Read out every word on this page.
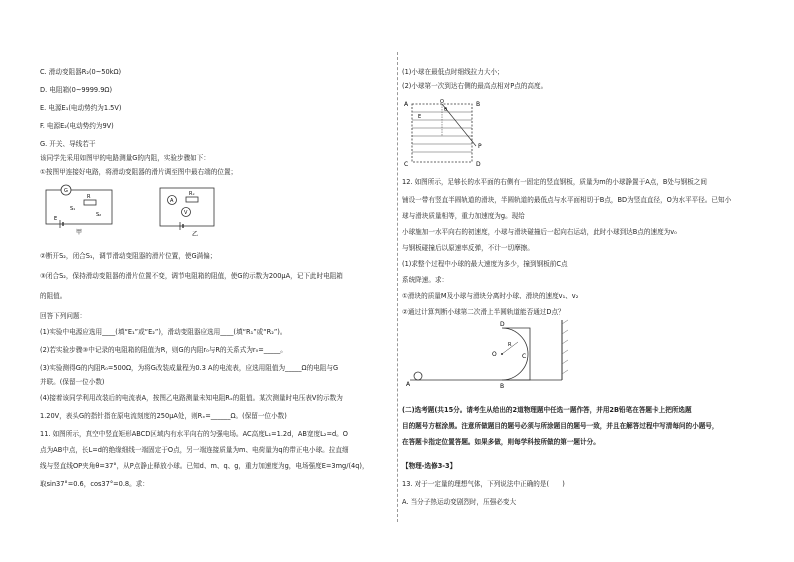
C. 滑动变阻器R₂(0~50kΩ)
D. 电阻箱(0~9999.9Ω)
E. 电源E₁(电动势约为1.5V)
F. 电源E₂(电动势约为9V)
G. 开关、导线若干
该同学先采用如图甲的电路测量G的内阻，实验步骤如下：
①按图甲连接好电路，将滑动变阻器的滑片调至图中最右端的位置；
G
R
S₁
S₂
E
甲
A
Rₓ
V
乙
②断开S₂，闭合S₁，调节滑动变阻器的滑片位置，使G满偏；
③闭合S₂，保持滑动变阻器的滑片位置不变，调节电阻箱的阻值，使G的示数为200μA，记下此时电阻箱
的阻值。
回答下列问题：
(1)实验中电源应选用____(填“E₁”或“E₂”)，滑动变阻器应选用____(填“R₁”或“R₂”)。
(2)若实验步骤③中记录的电阻箱的阻值为R，则G的内阻r₀与R的关系式为r₀=_____。
(3)实验测得G的内阻R₀=500Ω，为将G改装成量程为0.3 A的电流表，应选用阻值为_____Ω的电阻与G
并联。(保留一位小数)
(4)接着该同学利用改装后的电流表A，按图乙电路测量未知电阻Rₓ的阻值。某次测量时电压表V的示数为
1.20V，表头G的指针指在原电流刻度的250μA处，则Rₓ=______Ω。(保留一位小数)
11. 如图所示，真空中竖直矩形ABCD区域内有水平向右的匀强电场。AC高度L₁=1.2d，AB宽度L₂=d。O
点为AB中点，长L=d的绝缘细线一端固定于O点，另一端连接质量为m、电荷量为q的带正电小球。拉直细
线与竖直线OP夹角θ=37°，从P点静止释放小球。已知d、m、q、g，重力加速度为g，电场强度E=3mg/(4q)，
取sin37°=0.6，cos37°=0.8。求：
(1)小球在最低点时细线拉力大小；
(2)小球第一次到达右侧的最高点相对P点的高度。
A	B
C	D
O
P
E
θ
12. 如图所示，足够长的水平面的右侧有一固定的竖直钢板，质量为m的小球静置于A点，B处与钢板之间
铺设一带有竖直半圆轨道的滑块，半圆轨道的最低点与水平面相切于B点，BD为竖直直径，O为水平平径。已知小
球与滑块质量相等，重力加速度为g。现给
小球施加一水平向右的初速度，小球与滑块碰撞后一起向右运动，此时小球到达B点的速度为v₀
与钢板碰撞后以原速率反弹，不计一切摩擦。
(1)求整个过程中小球的最大速度为多少，撞到钢板前C点
系统降速。求：
①滑块的质量M及小球与滑块分离时小球、滑块的速度v₁、v₂
②通过计算判断小球第二次滑上半圆轨道能否通过D点？
A	B
C
D
O
R
(二)选考题(共15分。请考生从给出的2道物理题中任选一题作答，并用2B铅笔在答题卡上把所选题
目的题号方框涂黑。注意所做题目的题号必须与所涂题目的题号一致，并且在解答过程中写清每问的小题号，
在答题卡指定位置答题。如果多做，则每学科按所做的第一题计分。
【物理-选修3-3】
13. 对于一定量的理想气体，下列说法中正确的是(　　)
A. 当分子热运动变剧烈时，压强必变大
